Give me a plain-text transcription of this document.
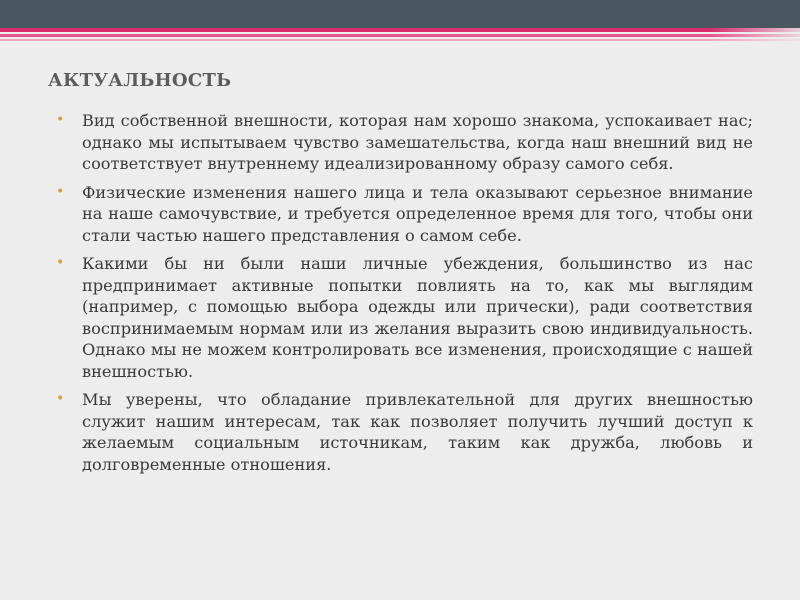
АКТУАЛЬНОСТЬ
• Вид собственной внешности, которая нам хорошо знакома, успокаивает нас; однако мы испытываем чувство замешательства, когда наш внешний вид не соответствует внутреннему идеализированному образу самого себя.
• Физические изменения нашего лица и тела оказывают серьезное внимание на наше самочувствие, и требуется определенное время для того, чтобы они стали частью нашего представления о самом себе.
• Какими бы ни были наши личные убеждения, большинство из нас предпринимает активные попытки повлиять на то, как мы выглядим (например, с помощью выбора одежды или прически), ради соответствия воспринимаемым нормам или из желания выразить свою индивидуальность. Однако мы не можем контролировать все изменения, происходящие с нашей внешностью.
• Мы уверены, что обладание привлекательной для других внешностью служит нашим интересам, так как позволяет получить лучший доступ к желаемым социальным источникам, таким как дружба, любовь и долговременные отношения.
